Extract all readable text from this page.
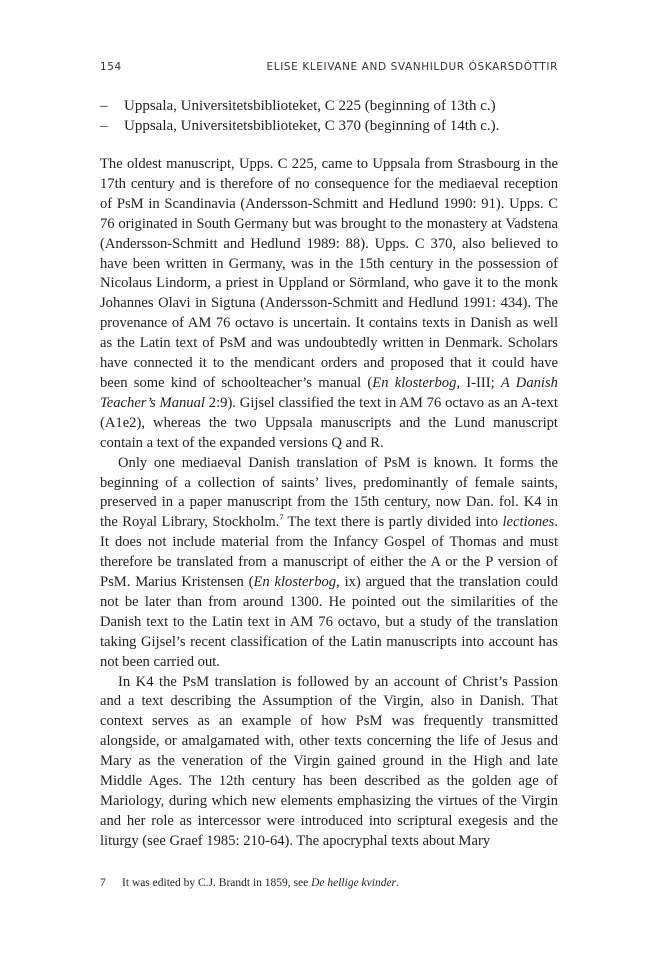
154	ELISE KLEIVANE AND SVANHILDUR ÓSKARSDÓTTIR
– Uppsala, Universitetsbiblioteket, C 225 (beginning of 13th c.)
– Uppsala, Universitetsbiblioteket, C 370 (beginning of 14th c.).

The oldest manuscript, Upps. C 225, came to Uppsala from Strasbourg in the 17th century and is therefore of no consequence for the mediaeval reception of PsM in Scandinavia (Andersson-Schmitt and Hedlund 1990: 91). Upps. C 76 originated in South Germany but was brought to the monastery at Vadstena (Andersson-Schmitt and Hedlund 1989: 88). Upps. C 370, also believed to have been written in Germany, was in the 15th century in the possession of Nicolaus Lindorm, a priest in Uppland or Sörmland, who gave it to the monk Johannes Olavi in Sigtuna (Andersson-Schmitt and Hedlund 1991: 434). The provenance of AM 76 octavo is uncertain. It contains texts in Danish as well as the Latin text of PsM and was undoubtedly written in Denmark. Scholars have connected it to the mendicant orders and proposed that it could have been some kind of schoolteacher’s manual (En klosterbog, I-III; A Danish Teacher’s Manual 2:9). Gijsel classified the text in AM 76 octavo as an A-text (A1e2), whereas the two Uppsala manuscripts and the Lund manuscript contain a text of the expanded versions Q and R.

Only one mediaeval Danish translation of PsM is known. It forms the beginning of a collection of saints’ lives, predominantly of female saints, preserved in a paper manuscript from the 15th century, now Dan. fol. K4 in the Royal Library, Stockholm.$^7$ The text there is partly divided into lectiones. It does not include material from the Infancy Gospel of Thomas and must therefore be translated from a manuscript of either the A or the P version of PsM. Marius Kristensen (En klosterbog, ix) argued that the translation could not be later than from around 1300. He pointed out the similarities of the Danish text to the Latin text in AM 76 octavo, but a study of the translation taking Gijsel’s recent classification of the Latin manuscripts into account has not been carried out.

In K4 the PsM translation is followed by an account of Christ’s Passion and a text describing the Assumption of the Virgin, also in Danish. That context serves as an example of how PsM was frequently transmitted alongside, or amalgamated with, other texts concerning the life of Jesus and Mary as the veneration of the Virgin gained ground in the High and late Middle Ages. The 12th century has been described as the golden age of Mariology, during which new elements emphasizing the virtues of the Virgin and her role as intercessor were introduced into scriptural exegesis and the liturgy (see Graef 1985: 210-64). The apocryphal texts about Mary

7 It was edited by C.J. Brandt in 1859, see De hellige kvinder.
